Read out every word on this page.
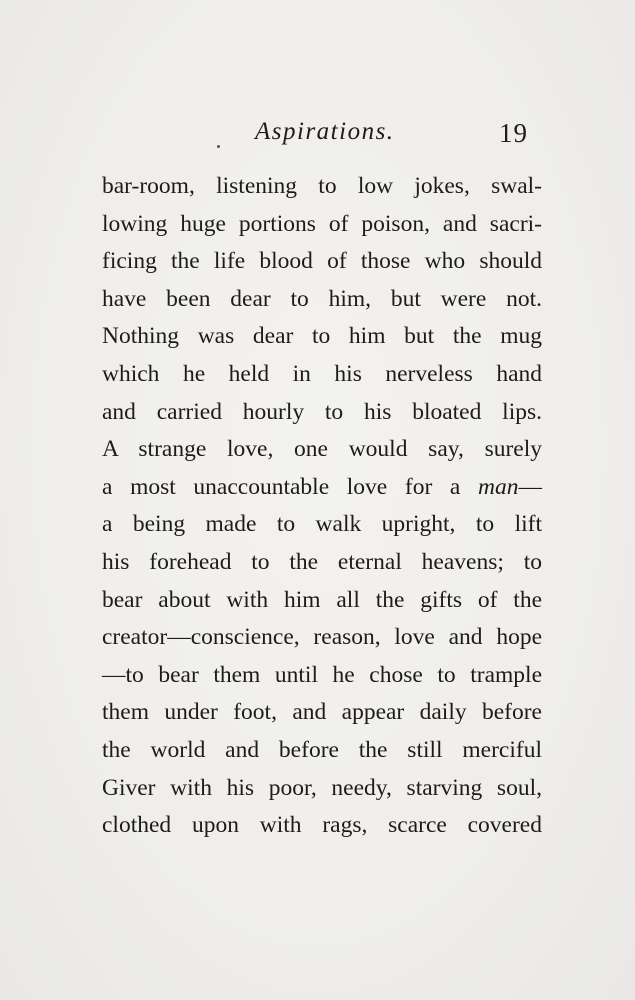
Aspirations.	19
bar-room, listening to low jokes, swal-
lowing huge portions of poison, and sacri-
ficing the life blood of those who should
have been dear to him, but were not.
Nothing was dear to him but the mug
which he held in his nerveless hand
and carried hourly to his bloated lips.
A strange love, one would say, surely
a most unaccountable love for a man—
a being made to walk upright, to lift
his forehead to the eternal heavens; to
bear about with him all the gifts of the
creator—conscience, reason, love and hope
—to bear them until he chose to trample
them under foot, and appear daily before
the world and before the still merciful
Giver with his poor, needy, starving soul,
clothed upon with rags, scarce covered
